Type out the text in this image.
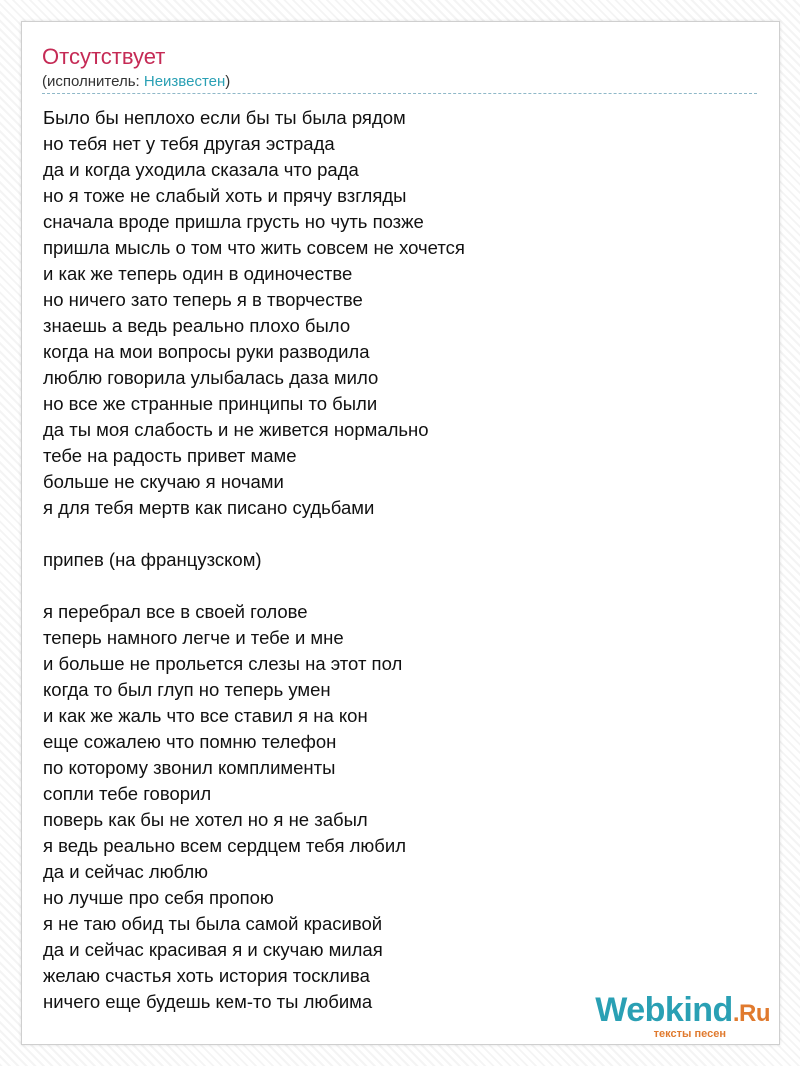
Отсутствует
(исполнитель: Неизвестен)
Было бы неплохо если бы ты была рядом
но тебя нет у тебя другая эстрада
да и когда уходила сказала что рада
но я тоже не слабый хоть и прячу взгляды
сначала вроде пришла грусть но чуть позже
пришла мысль о том что жить совсем не хочется
и как же теперь один в одиночестве
но ничего зато теперь я в творчестве
знаешь а ведь реально плохо было
когда на мои вопросы руки разводила
люблю говорила улыбалась даза мило
но все же странные принципы то были
да ты моя слабость и не живется нормально
тебе на радость привет маме
больше не скучаю я ночами
я для тебя мертв как писано судьбами
припев (на французском)
я перебрал все в своей голове
теперь намного легче и тебе и мне
и больше не прольется слезы на этот пол
когда то был глуп но теперь умен
и как же жаль что все ставил я на кон
еще сожалею что помню телефон
по которому звонил комплименты
сопли тебе говорил
поверь как бы не хотел но я не забыл
я ведь реально всем сердцем тебя любил
да и сейчас люблю
но лучше про себя пропою
я не таю обид ты была самой красивой
да и сейчас красивая я и скучаю милая
желаю счастья хоть история тосклива
ничего еще будешь кем-то ты любима	Webkind.Ru
тексты песен
